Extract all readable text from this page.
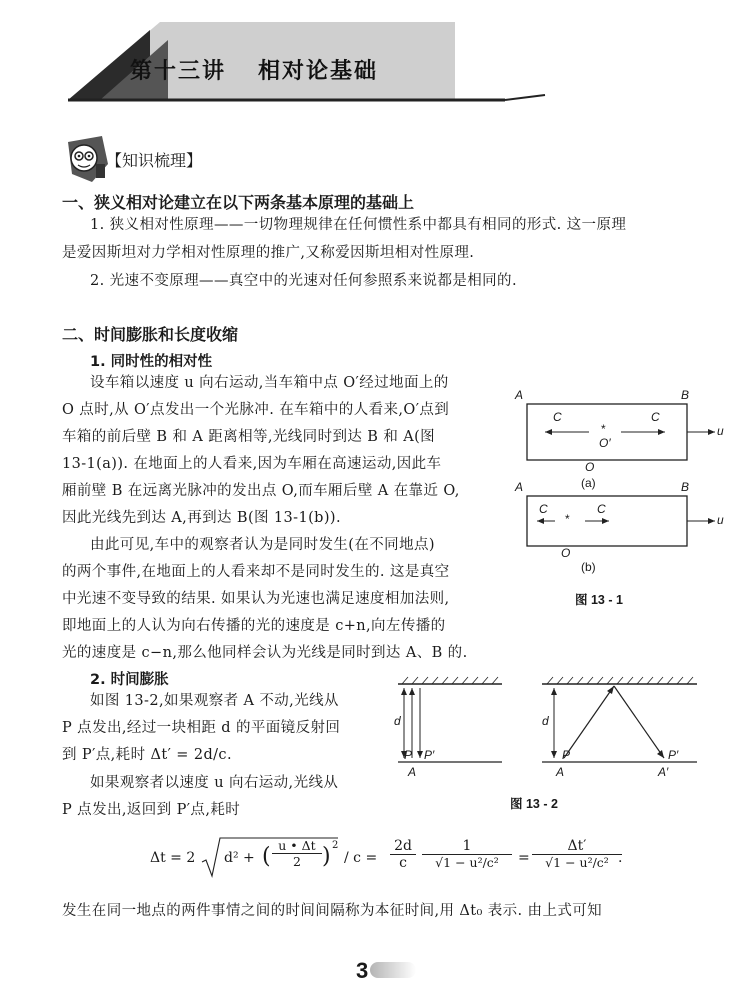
第十三讲 相对论基础
【知识梳理】
一、狭义相对论建立在以下两条基本原理的基础上
1. 狭义相对性原理——一切物理规律在任何惯性系中都具有相同的形式. 这一原理
是爱因斯坦对力学相对性原理的推广,又称爱因斯坦相对性原理.
2. 光速不变原理——真空中的光速对任何参照系来说都是相同的.
二、时间膨胀和长度收缩
1. 同时性的相对性
设车箱以速度 u 向右运动,当车箱中点 O′经过地面上的
O 点时,从 O′点发出一个光脉冲. 在车箱中的人看来,O′点到
车箱的前后壁 B 和 A 距离相等,光线同时到达 B 和 A(图
13-1(a)). 在地面上的人看来,因为车厢在高速运动,因此车
厢前壁 B 在远离光脉冲的发出点 O,而车厢后壁 A 在靠近 O,
因此光线先到达 A,再到达 B(图 13-1(b)).
由此可见,车中的观察者认为是同时发生(在不同地点)
的两个事件,在地面上的人看来却不是同时发生的. 这是真空
中光速不变导致的结果. 如果认为光速也满足速度相加法则,
即地面上的人认为向右传播的光的速度是 c+n,向左传播的
光的速度是 c−n,那么他同样会认为光线是同时到达 A、B 的.
A	B
C	C
*
O′
u
O
(a)
A	B
C	C
*	u
O
(b)
图 13 - 1
2. 时间膨胀
如图 13-2,如果观察者 A 不动,光线从
P 点发出,经过一块相距 d 的平面镜反射回
到 P′点,耗时 Δt′ = 2d/c.
如果观察者以速度 u 向右运动,光线从
P 点发出,返回到 P′点,耗时
d
P P′
A
d
P	P′
A	A′
图 13 - 2
Δt = 2 d² + ( $\frac{u • \Delta t}{2}$ ) 2
/ $c = \frac{2d}{c} \frac{1}{\text{√1 − u²/c²}} = \frac{\Delta t'}{\text{√1 − u²/c²}}$
.
发生在同一地点的两件事情之间的时间间隔称为本征时间,用 Δt₀ 表示. 由上式可知
3
